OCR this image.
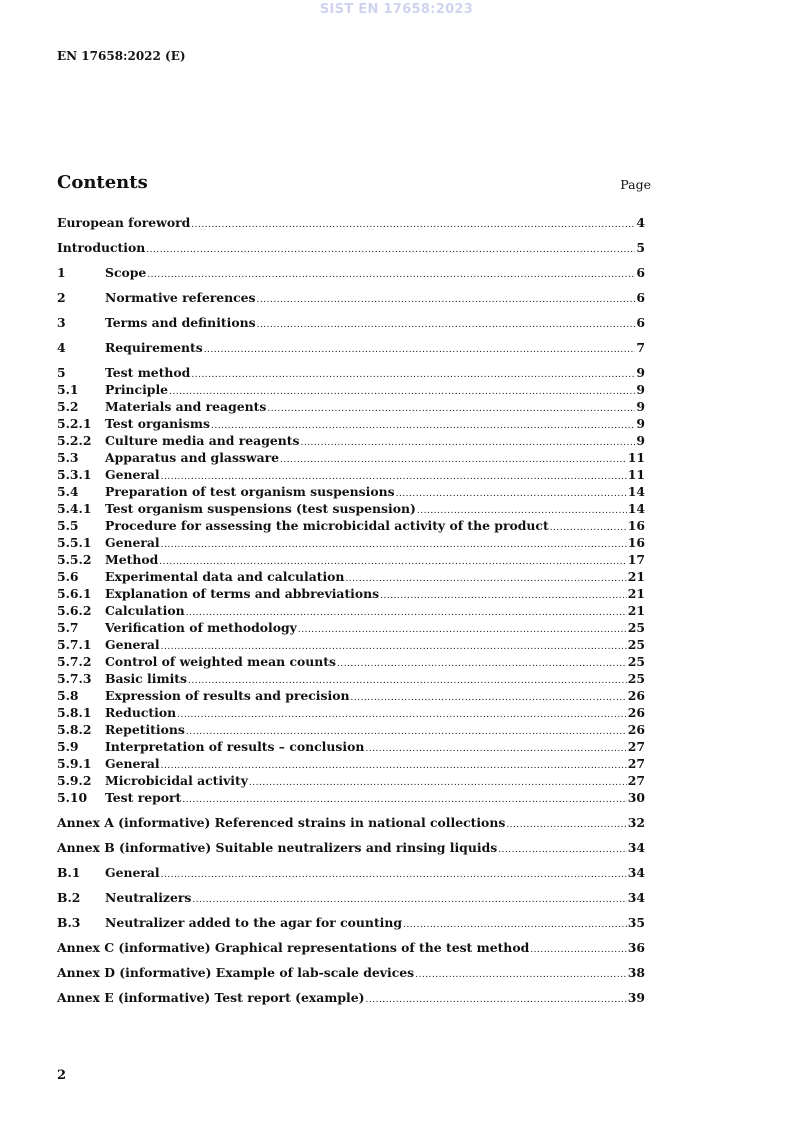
SIST EN 17658:2023
EN 17658:2022 (E)
Contents	Page
European foreword .....	4
Introduction .....	5
1	Scope .....	6
2	Normative references .....	6
3	Terms and definitions .....	6
4	Requirements .....	7
5	Test method .....	9
5.1	Principle .....	9
5.2	Materials and reagents .....	9
5.2.1	Test organisms .....	9
5.2.2	Culture media and reagents .....	9
5.3	Apparatus and glassware .....	11
5.3.1	General .....	11
5.4	Preparation of test organism suspensions .....	14
5.4.1	Test organism suspensions (test suspension) .....	14
5.5	Procedure for assessing the microbicidal activity of the product .....	16
5.5.1	General .....	16
5.5.2	Method .....	17
5.6	Experimental data and calculation .....	21
5.6.1	Explanation of terms and abbreviations .....	21
5.6.2	Calculation .....	21
5.7	Verification of methodology .....	25
5.7.1	General .....	25
5.7.2	Control of weighted mean counts .....	25
5.7.3	Basic limits .....	25
5.8	Expression of results and precision .....	26
5.8.1	Reduction .....	26
5.8.2	Repetitions .....	26
5.9	Interpretation of results – conclusion .....	27
5.9.1	General .....	27
5.9.2	Microbicidal activity .....	27
5.10	Test report .....	30
Annex A (informative) Referenced strains in national collections .....	32
Annex B (informative) Suitable neutralizers and rinsing liquids .....	34
B.1	General .....	34
B.2	Neutralizers .....	34
B.3	Neutralizer added to the agar for counting .....	35
Annex C (informative) Graphical representations of the test method .....	36
Annex D (informative) Example of lab-scale devices .....	38
Annex E (informative) Test report (example) .....	39
2
